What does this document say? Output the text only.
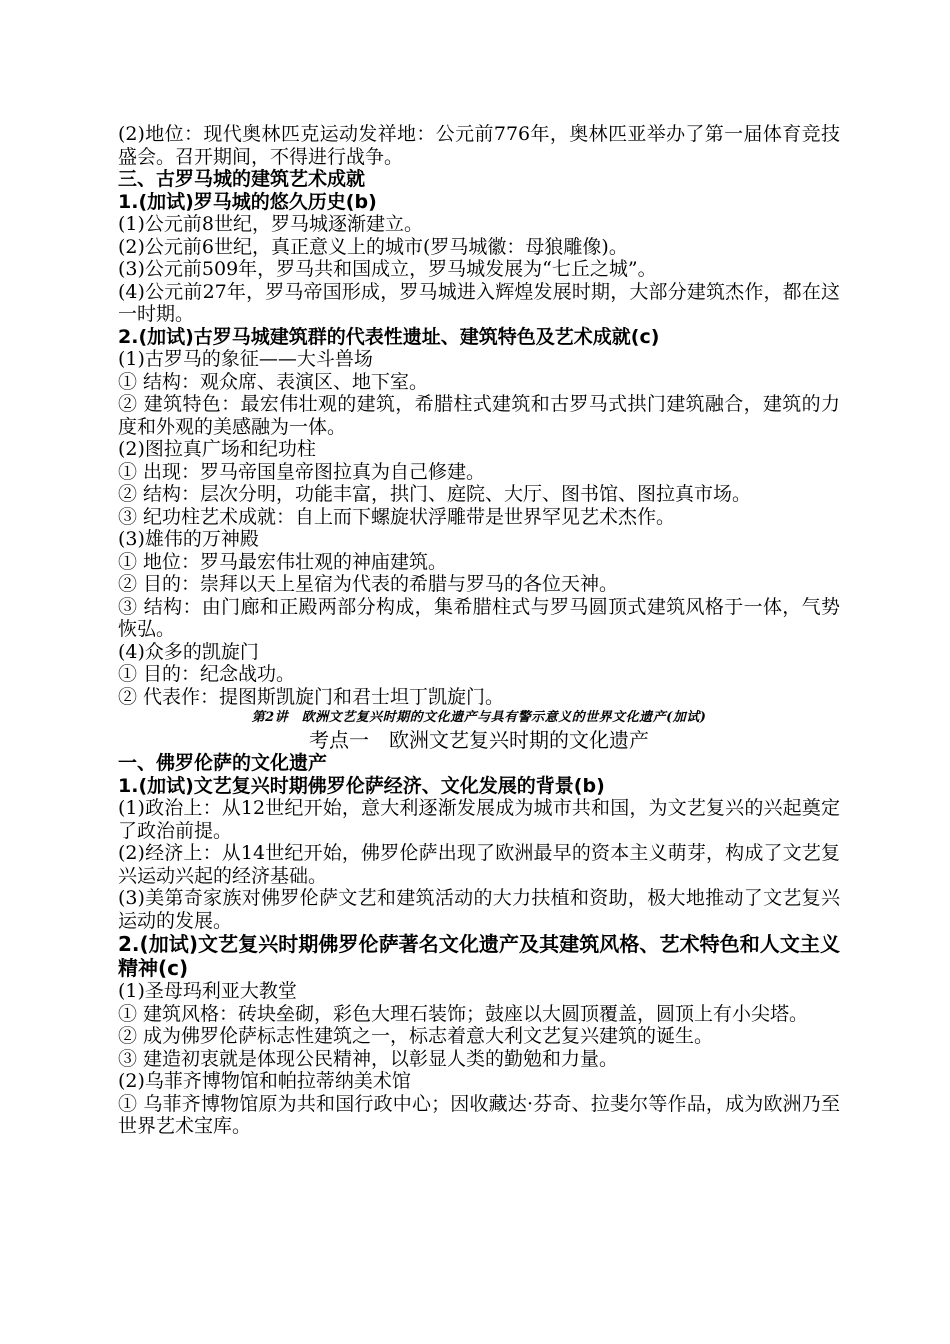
(2)地位：现代奥林匹克运动发祥地：公元前776年，奥林匹亚举办了第一届体育竞技盛会。召开期间，不得进行战争。
三、古罗马城的建筑艺术成就
1.(加试)罗马城的悠久历史(b)
(1)公元前8世纪，罗马城逐渐建立。
(2)公元前6世纪，真正意义上的城市(罗马城徽：母狼雕像)。
(3)公元前509年，罗马共和国成立，罗马城发展为“七丘之城”。
(4)公元前27年，罗马帝国形成，罗马城进入辉煌发展时期，大部分建筑杰作，都在这一时期。
2.(加试)古罗马城建筑群的代表性遗址、建筑特色及艺术成就(c)
(1)古罗马的象征——大斗兽场
① 结构：观众席、表演区、地下室。
② 建筑特色：最宏伟壮观的建筑，希腊柱式建筑和古罗马式拱门建筑融合，建筑的力度和外观的美感融为一体。
(2)图拉真广场和纪功柱
① 出现：罗马帝国皇帝图拉真为自己修建。
② 结构：层次分明，功能丰富，拱门、庭院、大厅、图书馆、图拉真市场。
③ 纪功柱艺术成就：自上而下螺旋状浮雕带是世界罕见艺术杰作。
(3)雄伟的万神殿
① 地位：罗马最宏伟壮观的神庙建筑。
② 目的：崇拜以天上星宿为代表的希腊与罗马的各位天神。
③ 结构：由门廊和正殿两部分构成，集希腊柱式与罗马圆顶式建筑风格于一体，气势恢弘。
(4)众多的凯旋门
① 目的：纪念战功。
② 代表作：提图斯凯旋门和君士坦丁凯旋门。
第2讲　欧洲文艺复兴时期的文化遗产与具有警示意义的世界文化遗产(加试)
考点一　欧洲文艺复兴时期的文化遗产
一、佛罗伦萨的文化遗产
1.(加试)文艺复兴时期佛罗伦萨经济、文化发展的背景(b)
(1)政治上：从12世纪开始，意大利逐渐发展成为城市共和国，为文艺复兴的兴起奠定了政治前提。
(2)经济上：从14世纪开始，佛罗伦萨出现了欧洲最早的资本主义萌芽，构成了文艺复兴运动兴起的经济基础。
(3)美第奇家族对佛罗伦萨文艺和建筑活动的大力扶植和资助，极大地推动了文艺复兴运动的发展。
2.(加试)文艺复兴时期佛罗伦萨著名文化遗产及其建筑风格、艺术特色和人文主义精神(c)
(1)圣母玛利亚大教堂
① 建筑风格：砖块垒砌，彩色大理石装饰；鼓座以大圆顶覆盖，圆顶上有小尖塔。
② 成为佛罗伦萨标志性建筑之一，标志着意大利文艺复兴建筑的诞生。
③ 建造初衷就是体现公民精神，以彰显人类的勤勉和力量。
(2)乌菲齐博物馆和帕拉蒂纳美术馆
① 乌菲齐博物馆原为共和国行政中心；因收藏达·芬奇、拉斐尔等作品，成为欧洲乃至世界艺术宝库。
